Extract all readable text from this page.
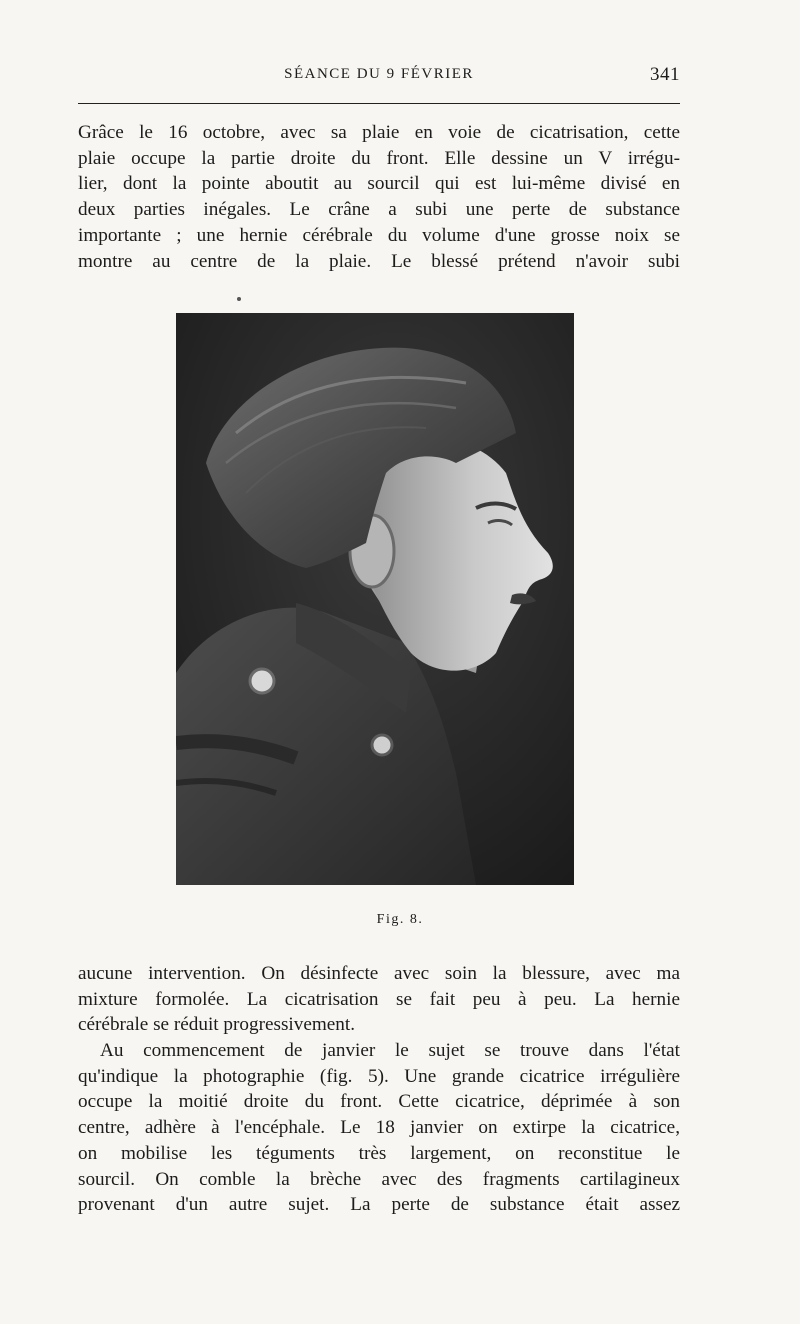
SÉANCE DU 9 FÉVRIER	341

Grâce le 16 octobre, avec sa plaie en voie de cicatrisation, cette
plaie occupe la partie droite du front. Elle dessine un V irrégu-
lier, dont la pointe aboutit au sourcil qui est lui-même divisé en
deux parties inégales. Le crâne a subi une perte de substance
importante ; une hernie cérébrale du volume d'une grosse noix se
montre au centre de la plaie. Le blessé prétend n'avoir subi

Fig. 8.

aucune intervention. On désinfecte avec soin la blessure, avec ma
mixture formolée. La cicatrisation se fait peu à peu. La hernie
cérébrale se réduit progressivement.

Au commencement de janvier le sujet se trouve dans l'état
qu'indique la photographie (fig. 5). Une grande cicatrice irrégulière
occupe la moitié droite du front. Cette cicatrice, déprimée à son
centre, adhère à l'encéphale. Le 18 janvier on extirpe la cicatrice,
on mobilise les téguments très largement, on reconstitue le
sourcil. On comble la brèche avec des fragments cartilagineux
provenant d'un autre sujet. La perte de substance était assez
